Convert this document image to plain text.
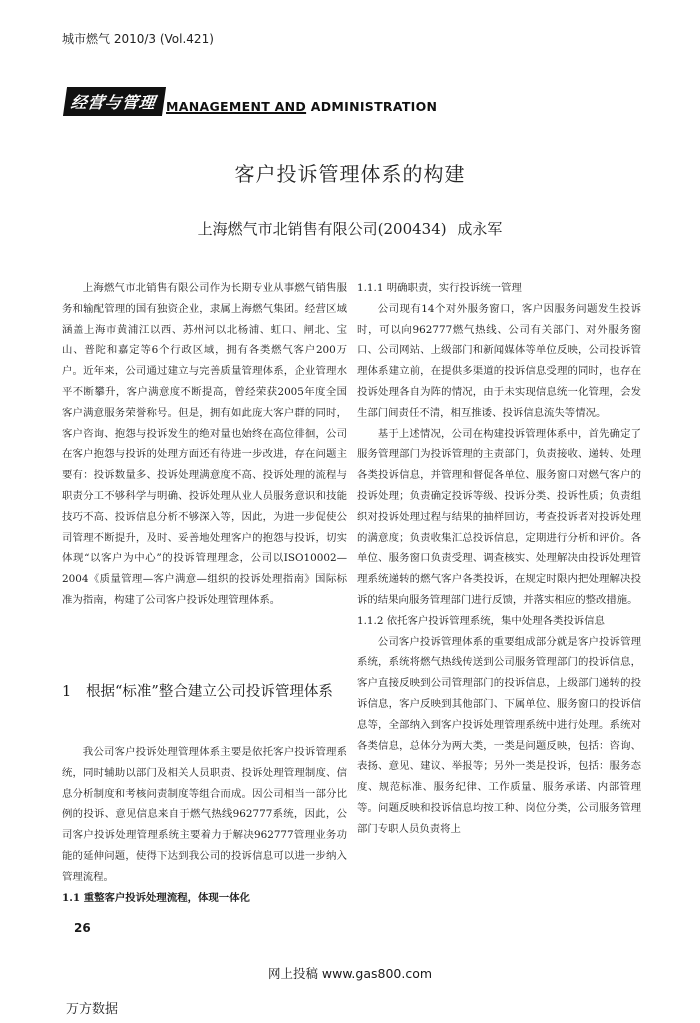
城市燃气 2010/3 (Vol.421)
经营与管理 MANAGEMENT AND ADMINISTRATION
客户投诉管理体系的构建
上海燃气市北销售有限公司(200434) 成永军

上海燃气市北销售有限公司作为长期专业从事燃气销售服务和输配管理的国有独资企业，隶属上海燃气集团。经营区域涵盖上海市黄浦江以西、苏州河以北杨浦、虹口、闸北、宝山、普陀和嘉定等6个行政区域，拥有各类燃气客户200万户。近年来，公司通过建立与完善质量管理体系，企业管理水平不断攀升，客户满意度不断提高，曾经荣获2005年度全国客户满意服务荣誉称号。但是，拥有如此庞大客户群的同时，客户咨询、抱怨与投诉发生的绝对量也始终在高位徘徊，公司在客户抱怨与投诉的处理方面还有待进一步改进，存在问题主要有：投诉数量多、投诉处理满意度不高、投诉处理的流程与职责分工不够科学与明确、投诉处理从业人员服务意识和技能技巧不高、投诉信息分析不够深入等，因此，为进一步促使公司管理不断提升，及时、妥善地处理客户的抱怨与投诉，切实体现“以客户为中心”的投诉管理理念，公司以ISO10002—2004《质量管理—客户满意—组织的投诉处理指南》国际标准为指南，构建了公司客户投诉处理管理体系。

1 根据“标准”整合建立公司投诉管理体系

我公司客户投诉处理管理体系主要是依托客户投诉管理系统，同时辅助以部门及相关人员职责、投诉处理管理制度、信息分析制度和考核问责制度等组合而成。因公司相当一部分比例的投诉、意见信息来自于燃气热线962777系统，因此，公司客户投诉处理管理系统主要着力于解决962777管理业务功能的延伸问题，使得下达到我公司的投诉信息可以进一步纳入管理流程。

1.1 重整客户投诉处理流程，体现一体化

1.1.1 明确职责，实行投诉统一管理

公司现有14个对外服务窗口，客户因服务问题发生投诉时，可以向962777燃气热线、公司有关部门、对外服务窗口、公司网站、上级部门和新闻媒体等单位反映，公司投诉管理体系建立前，在提供多渠道的投诉信息受理的同时，也存在投诉处理各自为阵的情况，由于未实现信息统一化管理，会发生部门间责任不清，相互推诿、投诉信息流失等情况。

基于上述情况，公司在构建投诉管理体系中，首先确定了服务管理部门为投诉管理的主责部门，负责接收、递转、处理各类投诉信息，并管理和督促各单位、服务窗口对燃气客户的投诉处理；负责确定投诉等级、投诉分类、投诉性质；负责组织对投诉处理过程与结果的抽样回访，考查投诉者对投诉处理的满意度；负责收集汇总投诉信息，定期进行分析和评价。各单位、服务窗口负责受理、调查核实、处理解决由投诉处理管理系统递转的燃气客户各类投诉，在规定时限内把处理解决投诉的结果向服务管理部门进行反馈，并落实相应的整改措施。

1.1.2 依托客户投诉管理系统，集中处理各类投诉信息

公司客户投诉管理体系的重要组成部分就是客户投诉管理系统，系统将燃气热线传送到公司服务管理部门的投诉信息，客户直接反映到公司管理部门的投诉信息，上级部门递转的投诉信息，客户反映到其他部门、下属单位、服务窗口的投诉信息等，全部纳入到客户投诉处理管理系统中进行处理。系统对各类信息，总体分为两大类，一类是问题反映，包括：咨询、表扬、意见、建议、举报等；另外一类是投诉，包括：服务态度、规范标准、服务纪律、工作质量、服务承诺、内部管理等。问题反映和投诉信息均按工种、岗位分类，公司服务管理部门专职人员负责将上

26
网上投稿 www.gas800.com
万方数据
